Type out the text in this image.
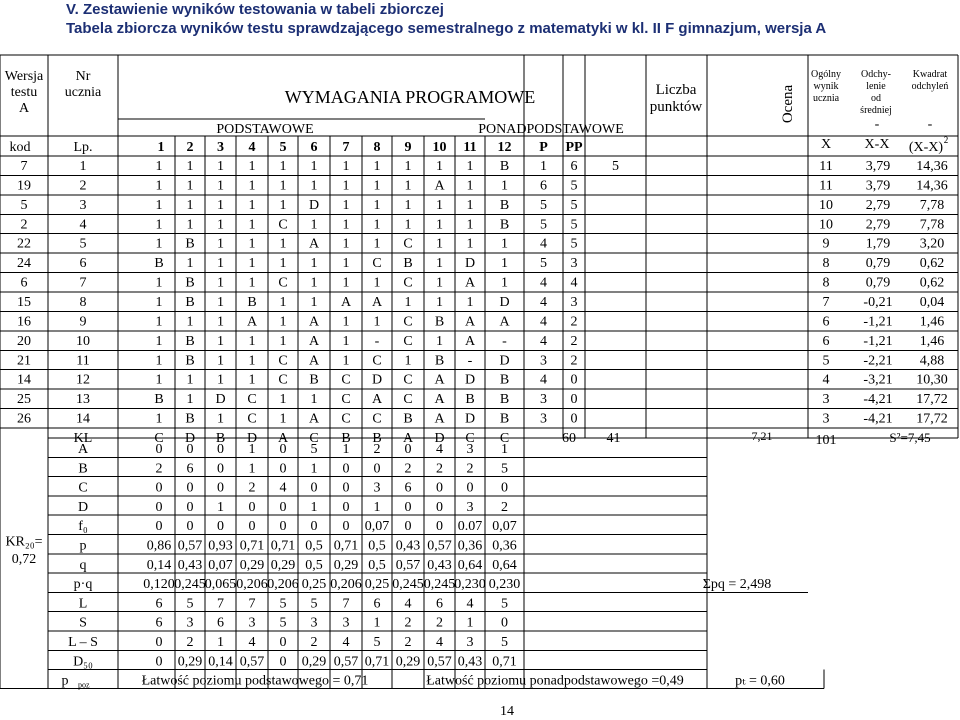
V. Zestawienie wyników testowania w tabeli zbiorczej
Tabela zbiorcza wyników testu sprawdzającego semestralnego z matematyki w kl. II F gimnazjum, wersja A
Wersja
testu
A
Nr
ucznia	WYMAGANIA PROGRAMOWE	Liczba
punktów	Ocena
Ogólny
wynik
ucznia
Odchy-
lenie
od
średniej
Kwadrat
odchyleń
PODSTAWOWE	PONADPODSTAWOWE	-	-
kod	Lp.	1 2 3 4 5 6 7 8 9 10 11 12 P PP	X X-X (X-X) 2
7	1	1 1 1 1 1 1 1 1 1 1 1 B 1 6 5	11 3,79 14,36
19	2	1 1 1 1 1 1 1 1 1 A 1 1 6 5	11 3,79 14,36
5	3	1 1 1 1 1 D 1 1 1 1 1 B 5 5	10 2,79 7,78
2	4	1 1 1 1 C 1 1 1 1 1 1 B 5 5	10 2,79 7,78
22	5	1 B 1 1 1 A 1 1 C 1 1 1 4 5	9	1,79 3,20
24	6	B 1 1 1 1 1 1 C B 1 D 1 5 3	8	0,79 0,62
6	7	1 B 1 1 C 1 1 1 C 1 A 1 4 4	8	0,79 0,62
15	8	1 B 1 B 1 1 A A 1 1 1 D 4 3	7 -0,21 0,04
16	9	1 1 1 A 1 A 1 1 C B A A 4 2	6 -1,21 1,46
20	10	1 B 1 1 1 A 1 - C 1 A - 4 2	6 -1,21 1,46
21	11	1 B 1 1 C A 1 C 1 B - D 3 2	5 -2,21 4,88
14	12	1 1 1 1 C B C D C A D B 4 0	4 -3,21 10,30
25	13	B 1 D C 1 1 C A C A B B 3 0	3 -4,21 17,72
26	14	1 B 1 C 1 A C C B A D B 3 0	3 -4,21 17,72
KL	C D B D A C B B A D C C	60 41	7,21	101	S²=7,45
A	0 0 0 1 0 5 1 2 0 4 3 1
B	2 6 0 1 0 1 0 0 2 2 2 5
C	0 0 0 2 4 0 0 3 6 0 0 0
D	0 0 1 0 0 1 0 1 0 0 3 2
f₀	0 0 0 0 0 0 0 0,07 0 0 0.07 0,07
p	0,86 0,57 0,93 0,71 0,71 0,5 0,71 0,5 0,43 0,57 0,36 0,36
q	0,14 0,43 0,07 0,29 0,29 0,5 0,29 0,5 0,57 0,43 0,64 0,64
p·q	0,120 0,245 0,065 0,206 0,206 0,25 0,206 0,25 0,245 0,245 0,230 0,230
L	6 5 7 7 5 5 7 6 4 6 4 5
S	6 3 6 3 5 3 3 1 2 2 1 0
L – S	0 2 1 4 0 2 4 5 2 4 3 5
D₅₀	0 0,29 0,14 0,57 0 0,29 0,57 0,71 0,29 0,57 0,43 0,71
Σpq = 2,498
KR₂₀=
0,72
p poz	Łatwość poziomu podstawowego = 0,71	Łatwość poziomu ponadpodstawowego =0,49	pₜ = 0,60
14
